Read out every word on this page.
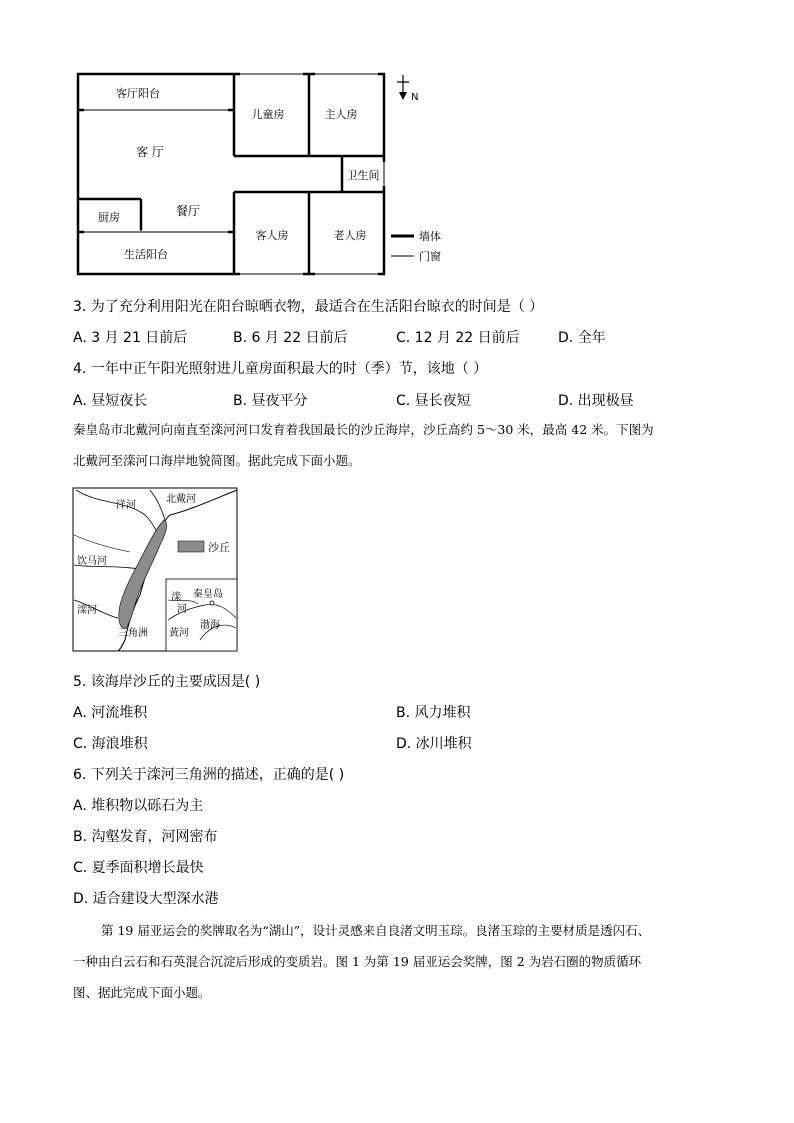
客厅阳台
儿童房	主人房
客 厅
卫生间
厨房	餐厅
客人房	老人房
生活阳台
N
墙体
门窗
3. 为了充分利用阳光在阳台晾晒衣物，最适合在生活阳台晾衣的时间是（ ）
A. 3 月 21 日前后	B. 6 月 22 日前后	C. 12 月 22 日前后	D. 全年
4. 一年中正午阳光照射进儿童房面积最大的时（季）节，该地（ ）
A. 昼短夜长	B. 昼夜平分	C. 昼长夜短	D. 出现极昼
秦皇岛市北戴河向南直至滦河河口发育着我国最长的沙丘海岸，沙丘高约 5～30 米，最高 42 米。下图为
北戴河至滦河口海岸地貌简图。据此完成下面小题。
沙丘
洋河
北戴河
饮马河
滦河
三角洲
滦
河
秦皇岛
渤海
黄河
5. 该海岸沙丘的主要成因是( )
A. 河流堆积	B. 风力堆积
C. 海浪堆积	D. 冰川堆积
6. 下列关于滦河三角洲的描述，正确的是( )
A. 堆积物以砾石为主
B. 沟壑发育，河网密布
C. 夏季面积增长最快
D. 适合建设大型深水港
第 19 届亚运会的奖牌取名为“湖山”，设计灵感来自良渚文明玉琮。良渚玉琮的主要材质是透闪石、
一种由白云石和石英混合沉淀后形成的变质岩。图 1 为第 19 届亚运会奖牌，图 2 为岩石圈的物质循环
图、据此完成下面小题。
